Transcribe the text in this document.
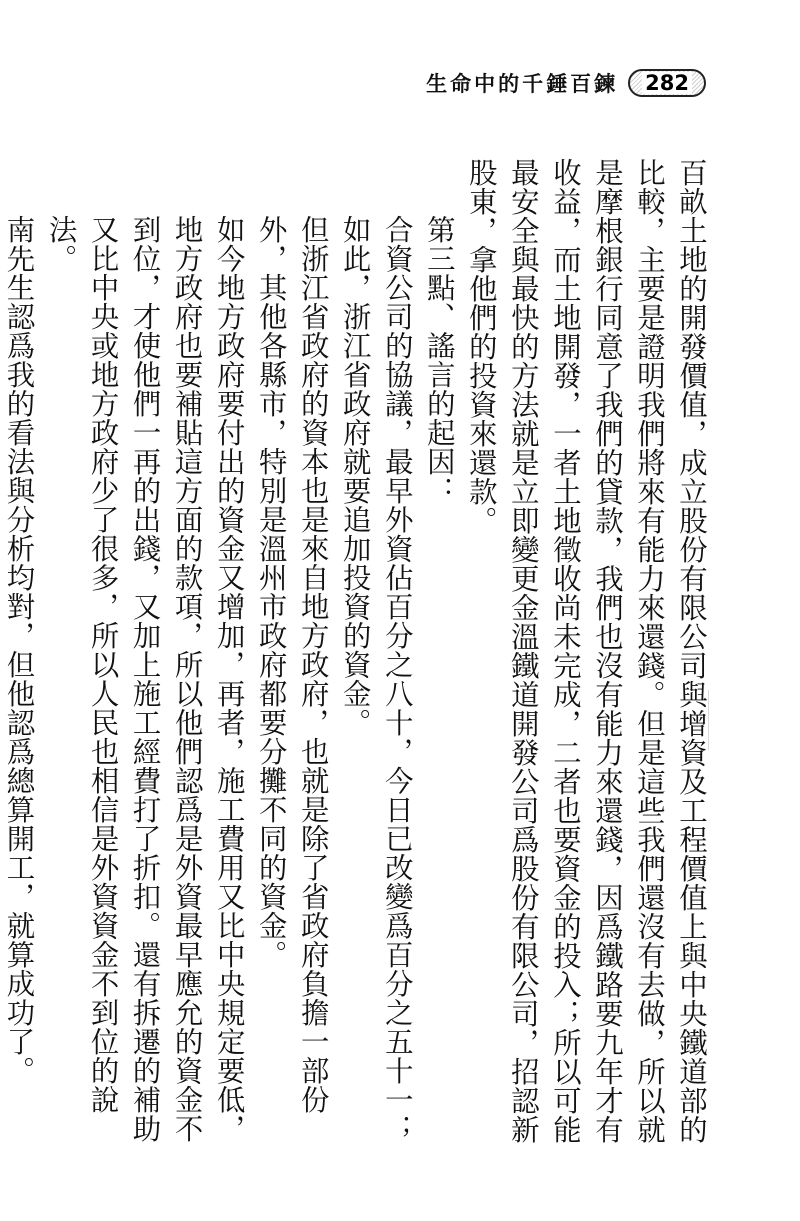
生命中的千錘百鍊 282

百畝土地的開發價值，成立股份有限公司與增資及工程價值上與中央鐵道部的比較，主要是證明我們將來有能力來還錢。但是這些我們還沒有去做，所以就是摩根銀行同意了我們的貸款，我們也沒有能力來還錢，因爲鐵路要九年才有收益，而土地開發，一者土地徵收尚未完成，二者也要資金的投入；所以可能最安全與最快的方法就是立即變更金溫鐵道開發公司爲股份有限公司，招認新股東，拿他們的投資來還款。

第三點、謠言的起因：

合資公司的協議，最早外資佔百分之八十，今日已改變爲百分之五十一；如此，浙江省政府就要追加投資的資金。

但浙江省政府的資本也是來自地方政府，也就是除了省政府負擔一部份外，其他各縣市，特別是溫州市政府都要分攤不同的資金。

如今地方政府要付出的資金又增加，再者，施工費用又比中央規定要低，地方政府也要補貼這方面的款項，所以他們認爲是外資最早應允的資金不到位，才使他們一再的出錢，又加上施工經費打了折扣。還有拆遷的補助又比中央或地方政府少了很多，所以人民也相信是外資資金不到位的說法。

南先生認爲我的看法與分析均對，但他認爲總算開工，就算成功了。
